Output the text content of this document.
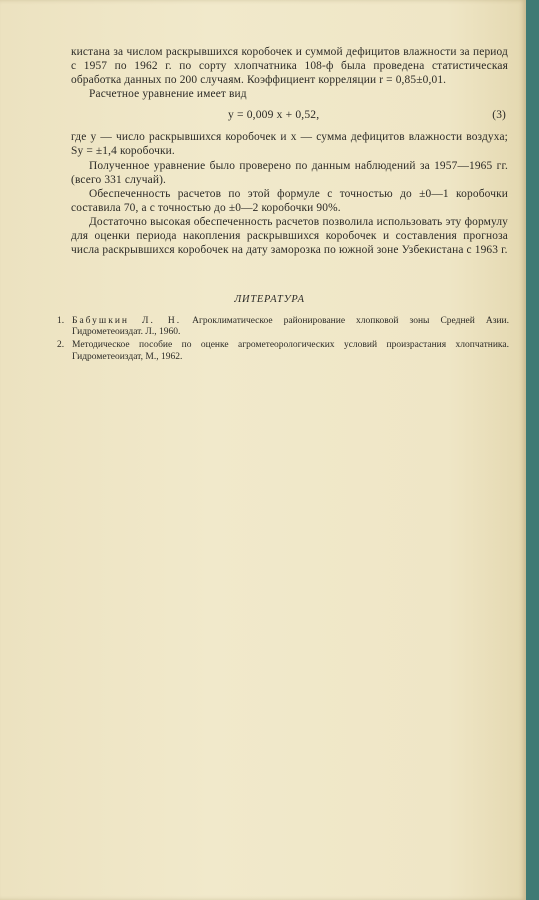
кистана за числом раскрывшихся коробочек и суммой дефицитов влажности за период с 1957 по 1962 г. по сорту хлопчатника 108-ф была проведена статистическая обработка данных по 200 случаям. Коэффициент корреляции r = 0,85±0,01.

Расчетное уравнение имеет вид

y = 0,009 x + 0,52,	(3)

где y — число раскрывшихся коробочек и x — сумма дефицитов влажности воздуха; Sy = ±1,4 коробочки.

Полученное уравнение было проверено по данным наблюдений за 1957—1965 гг. (всего 331 случай).

Обеспеченность расчетов по этой формуле с точностью до ±0—1 коробочки составила 70, а с точностью до ±0—2 коробочки 90%.

Достаточно высокая обеспеченность расчетов позволила использовать эту формулу для оценки периода накопления раскрывшихся коробочек и составления прогноза числа раскрывшихся коробочек на дату заморозка по южной зоне Узбекистана с 1963 г.

ЛИТЕРАТУРА
1. Бабушкин Л. Н. Агроклиматическое районирование хлопковой зоны Средней Азии. Гидрометеоиздат. Л., 1960.
2. Методическое пособие по оценке агрометеорологических условий произрастания хлопчатника. Гидрометеоиздат, М., 1962.
